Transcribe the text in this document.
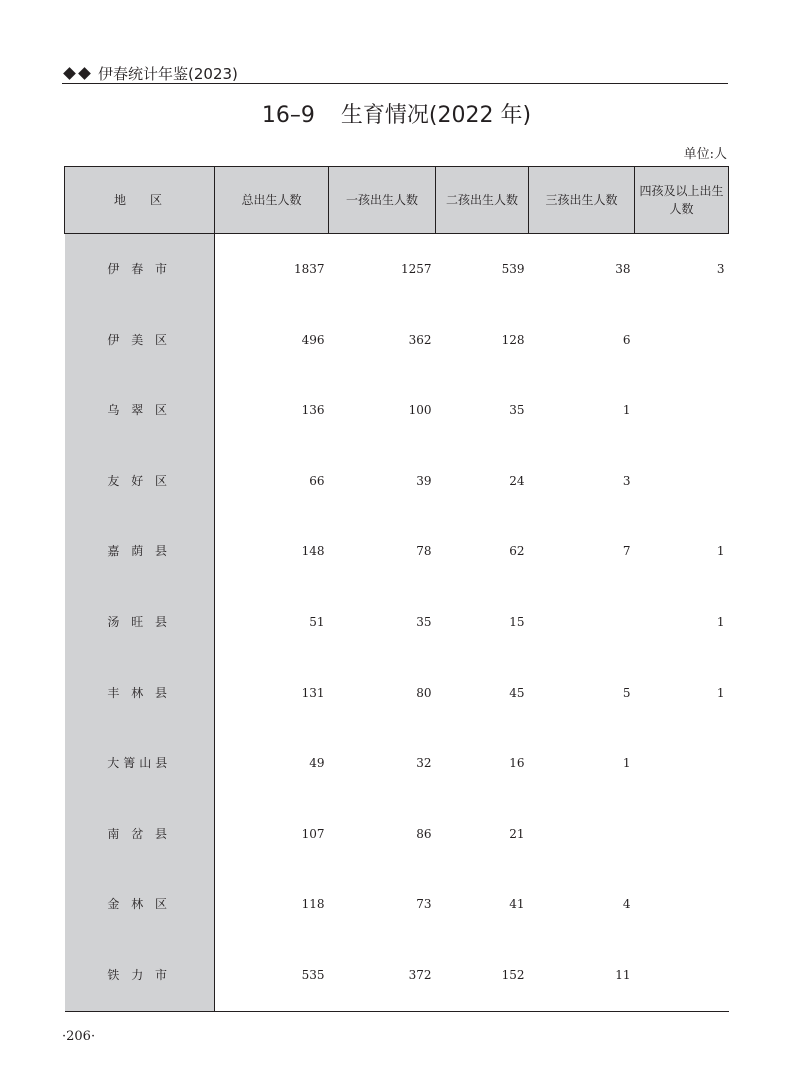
伊春统计年鉴(2023)
16–9 生育情况(2022 年)
单位:人
地区	总出生人数	一孩出生人数	二孩出生人数	三孩出生人数	四孩及以上出生人数
伊 春 市	1837	1257	539	38	3
伊 美 区	496	362	128	6	
乌 翠 区	136	100	35	1	
友 好 区	66	39	24	3	
嘉 荫 县	148	78	62	7	1
汤 旺 县	51	35	15		1
丰 林 县	131	80	45	5	1
大箐山县	49	32	16	1	
南 岔 县	107	86	21		
金 林 区	118	73	41	4	
铁 力 市	535	372	152	11	
·206·
